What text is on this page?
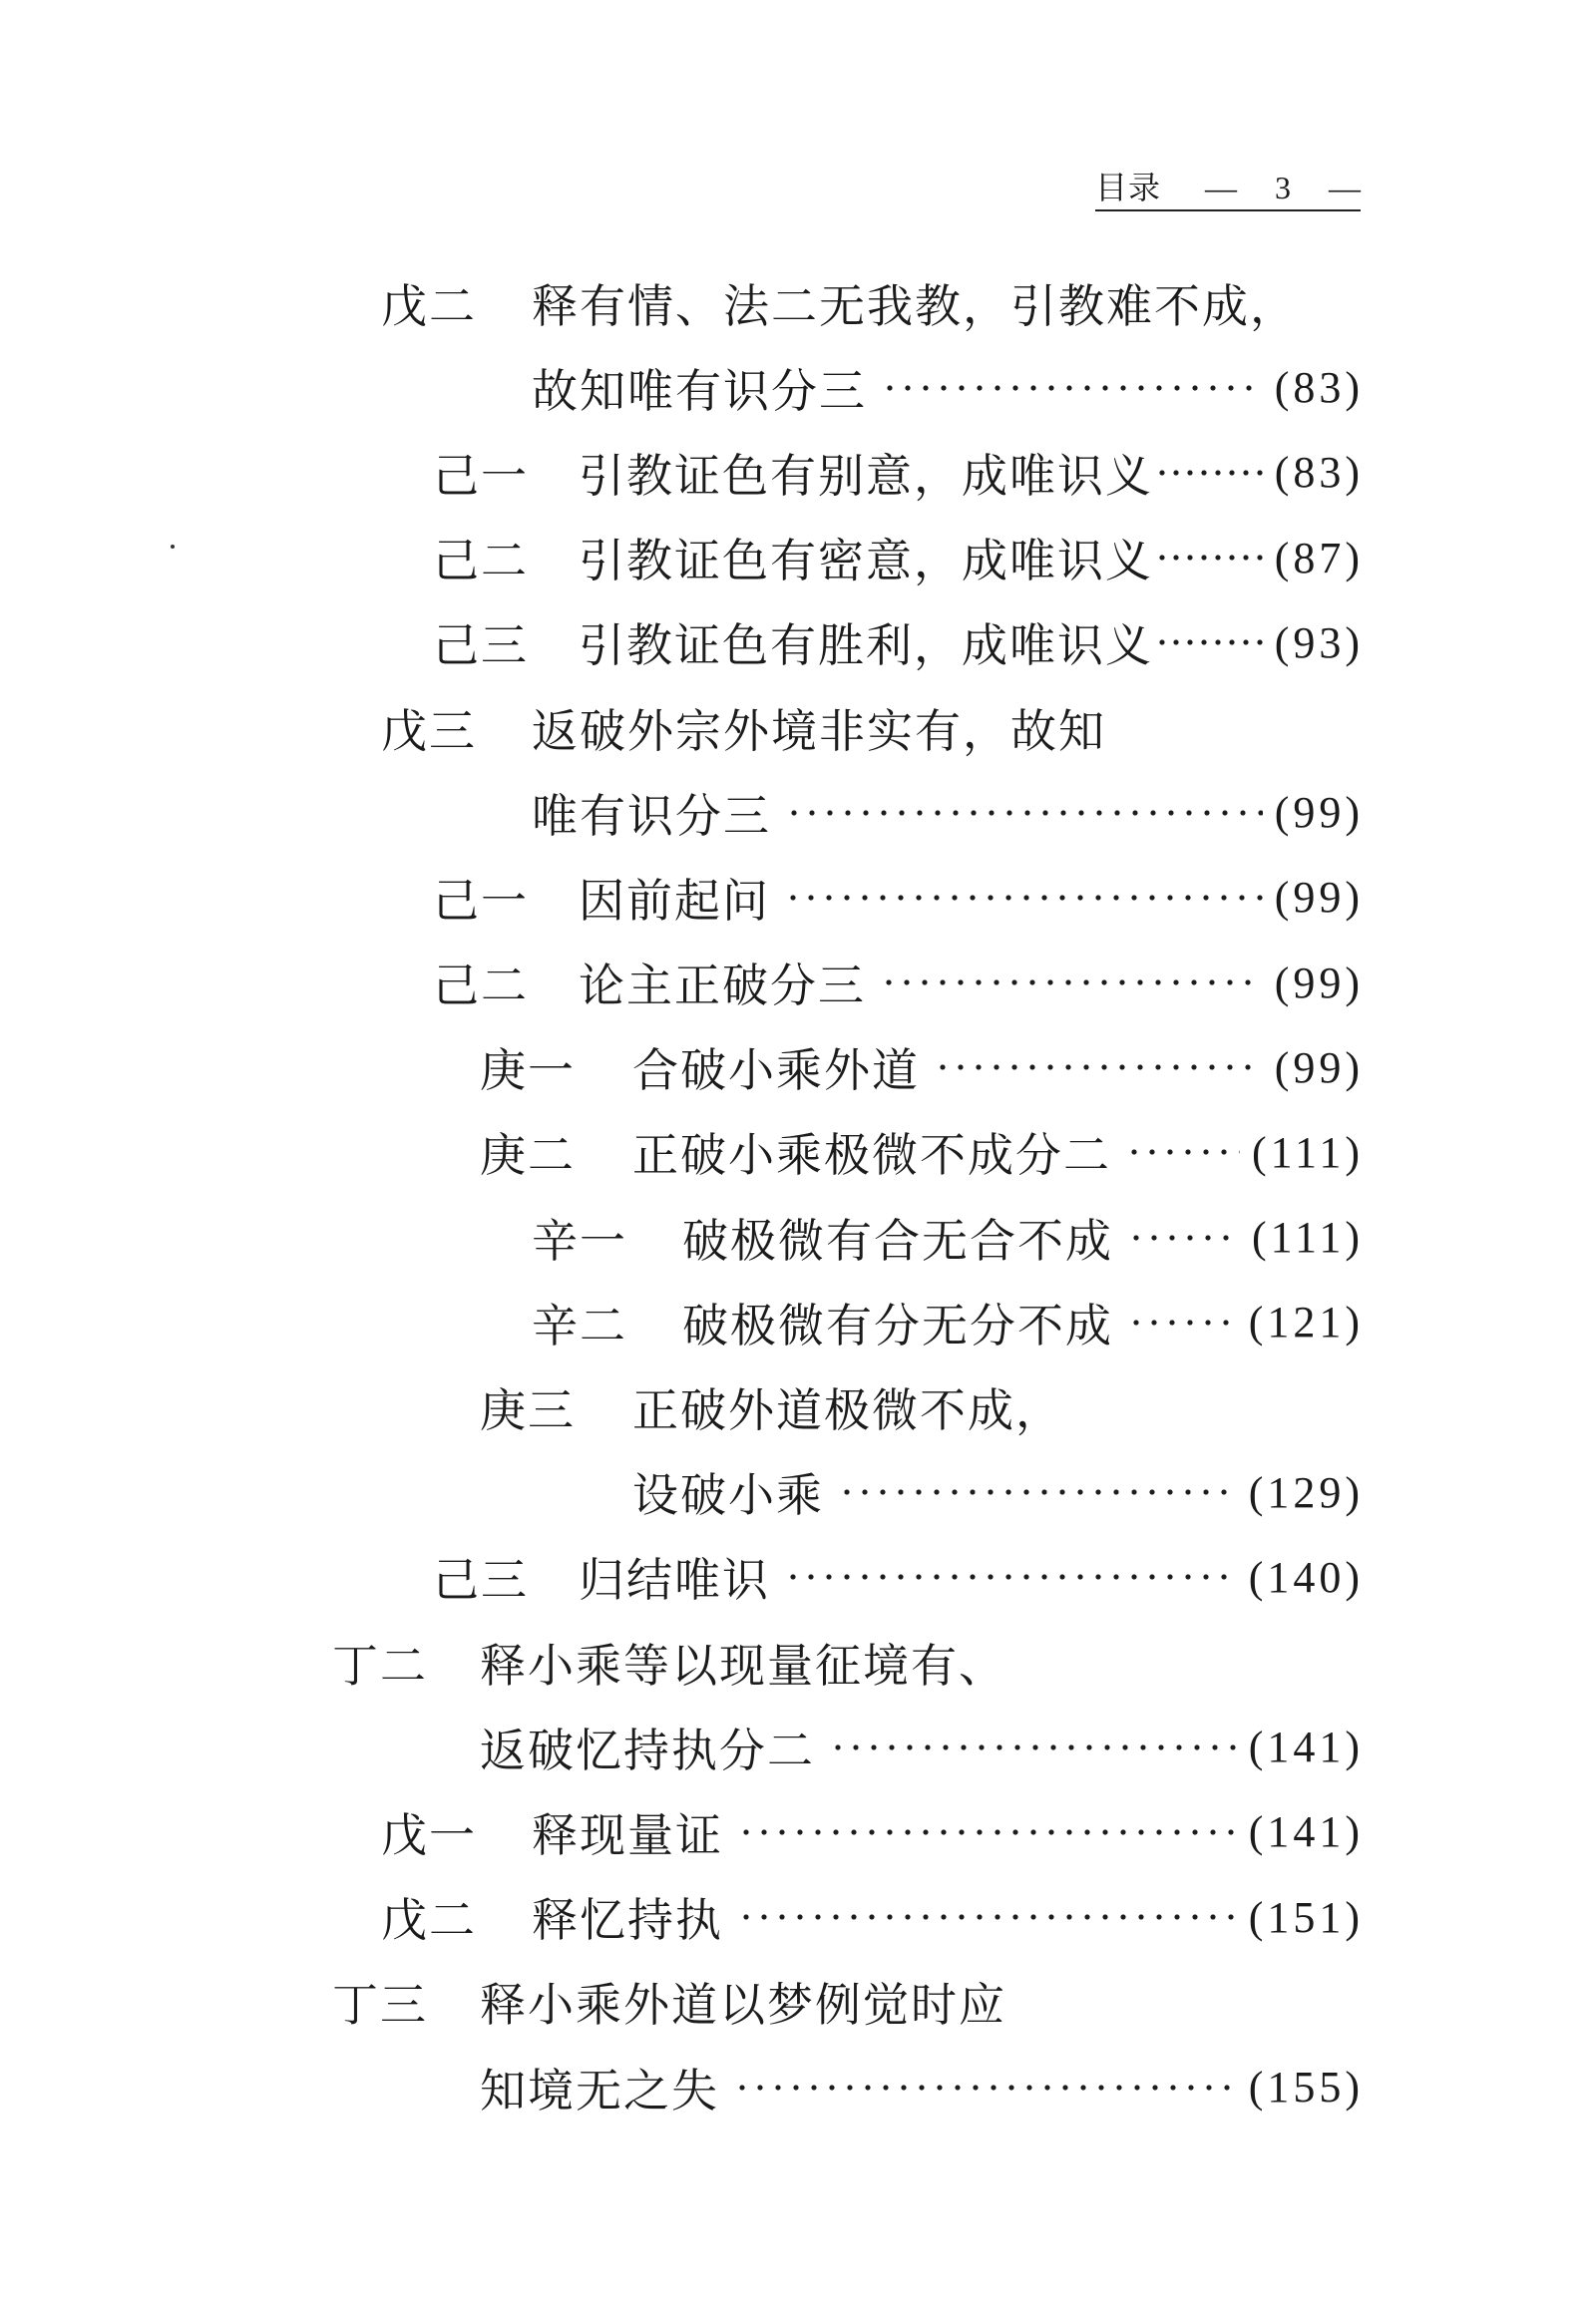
目录 — 3 —
戊二	释有情、法二无我教，引教难不成，
故知唯有识分三	(83)
己一	引教证色有别意，成唯识义	(83)
己二	引教证色有密意，成唯识义	(87)
己三	引教证色有胜利，成唯识义	(93)
戊三	返破外宗外境非实有，故知
唯有识分三	(99)
己一	因前起问	(99)
己二	论主正破分三	(99)
庚一	合破小乘外道	(99)
庚二	正破小乘极微不成分二	(111)
辛一	破极微有合无合不成	(111)
辛二	破极微有分无分不成	(121)
庚三	正破外道极微不成，
设破小乘	(129)
己三	归结唯识	(140)
丁二	释小乘等以现量征境有、
返破忆持执分二	(141)
戊一	释现量证	(141)
戊二	释忆持执	(151)
丁三	释小乘外道以梦例觉时应
知境无之失	(155)
